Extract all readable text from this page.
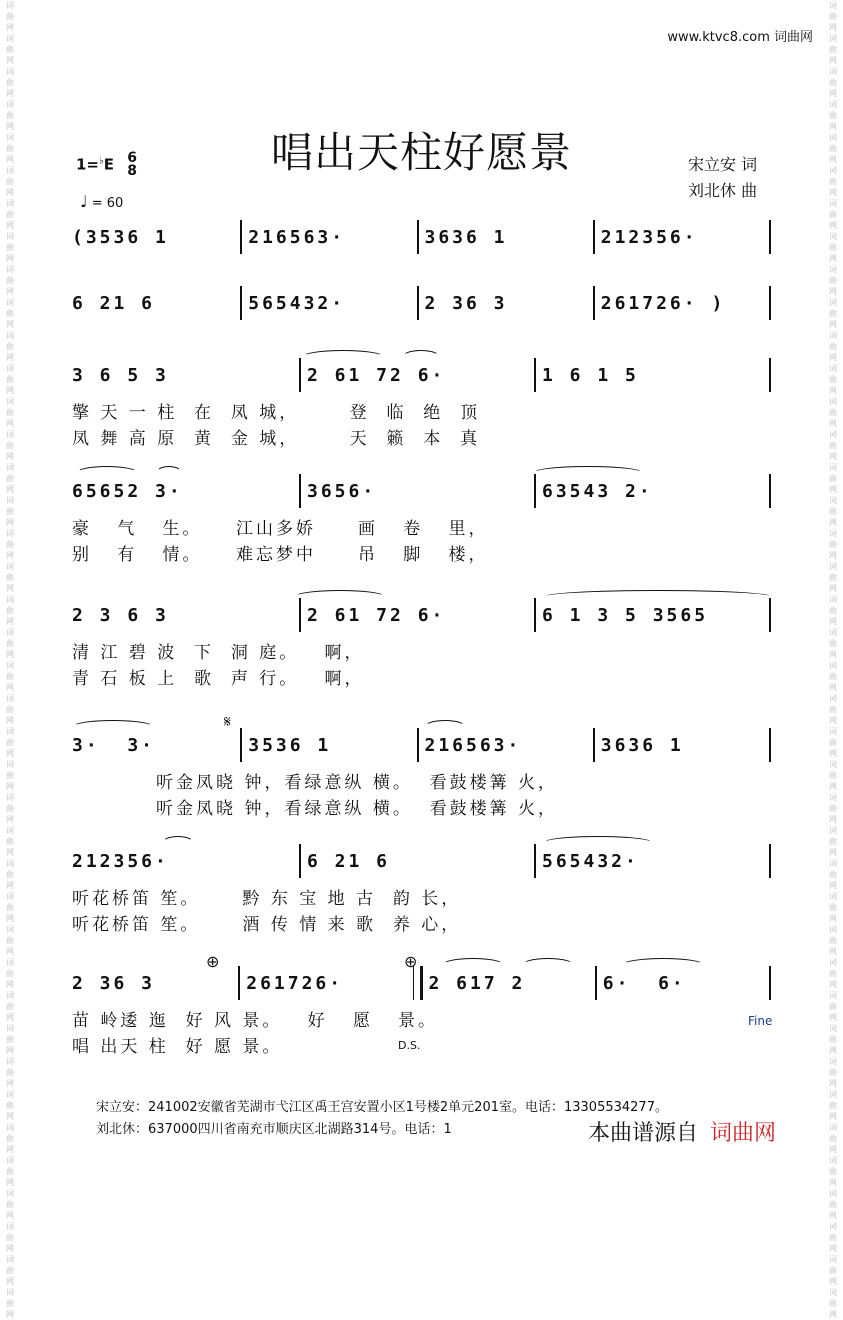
词曲网词曲网词曲网词曲网词曲网词曲网词曲网词曲网词曲网词曲网词曲网词曲网词曲网词曲网词曲网词曲网词曲网词曲网词曲网词曲网词曲网词曲网词曲网词曲网词曲网词曲网词曲网词曲网词曲网词曲网词曲网词曲网词曲网词曲网词曲网词曲网词曲网词曲网词曲网词曲网
词曲网词曲网词曲网词曲网词曲网词曲网词曲网词曲网词曲网词曲网词曲网词曲网词曲网词曲网词曲网词曲网词曲网词曲网词曲网词曲网词曲网词曲网词曲网词曲网词曲网词曲网词曲网词曲网词曲网词曲网词曲网词曲网词曲网词曲网词曲网词曲网词曲网词曲网词曲网词曲网
www.ktvc8.com 词曲网
唱出天柱好愿景
1=♭E 6
8
♩ = 60
宋立安 词
刘北休 曲
(3536 1	216563·	3636 1	212356·
6 21 6	565432·	2 36 3	261726· )
3 6 5 3	2 61 72 6·	1 6 1 5
擎 天 一 柱  在  凤 城，      登  临  绝  顶
凤 舞 高 原  黄  金 城，      天  籁  本  真
65652 3·	3656·	63543 2·
豪   气   生。    江山多娇     画   卷   里，
别   有   情。    难忘梦中     吊   脚   楼，
2 3 6 3	2 61 72 6·	6 1 3 5 3565
清 江 碧 波  下  洞 庭。   啊，
青 石 板 上  歌  声 行。   啊，
3·  3·	3536 1	216563·	3636 1
听金凤晓 钟，看绿意纵 横。  看鼓楼篝 火，
听金凤晓 钟，看绿意纵 横。  看鼓楼篝 火，
212356·	6 21 6	565432·
听花桥笛 笙。     黔 东 宝 地 古  韵 长，
听花桥笛 笙。     酒 传 情 来 歌  养 心，
2 36 3	261726·	2 617 2	6·  6·
苗 岭逶 迤  好 风 景。   好   愿   景。
唱 出天 柱  好 愿 景。
𝄋
⊕	⊕
Fine
D.S.
宋立安：241002安徽省芜湖市弋江区禹王宫安置小区1号楼2单元201室。电话：13305534277。
刘北休：637000四川省南充市顺庆区北湖路314号。电话：1	本曲谱源自 词曲网
